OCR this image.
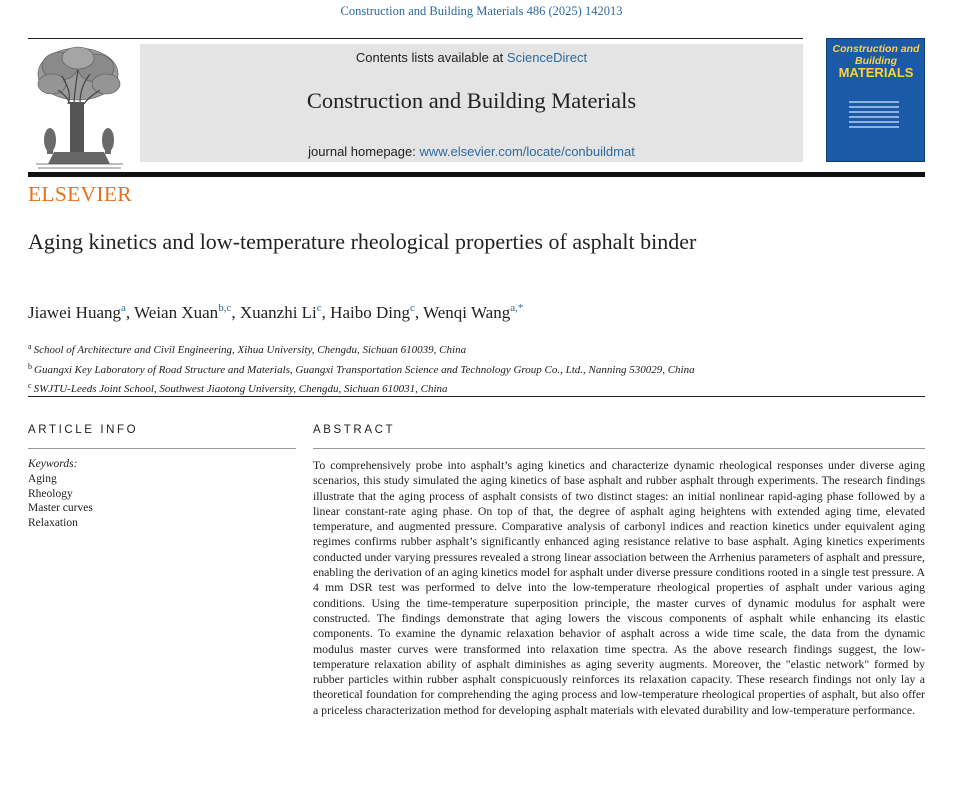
Construction and Building Materials 486 (2025) 142013
ELSEVIER
Contents lists available at ScienceDirect
Construction and Building Materials
journal homepage: www.elsevier.com/locate/conbuildmat
Construction and Building
MATERIALS
Aging kinetics and low-temperature rheological properties of asphalt binder
Jiawei Huang$^a$, Weian Xuan$^{b,c}$, Xuanzhi Li$^c$, Haibo Ding$^c$, Wenqi Wang$^{a,*}$
$^a$ School of Architecture and Civil Engineering, Xihua University, Chengdu, Sichuan 610039, China
$^b$ Guangxi Key Laboratory of Road Structure and Materials, Guangxi Transportation Science and Technology Group Co., Ltd., Nanning 530029, China
$^c$ SWJTU-Leeds Joint School, Southwest Jiaotong University, Chengdu, Sichuan 610031, China
ARTICLE INFO	ABSTRACT
Keywords:
Aging
Rheology
Master curves
Relaxation
To comprehensively probe into asphalt’s aging kinetics and characterize dynamic rheological responses under diverse aging scenarios, this study simulated the aging kinetics of base asphalt and rubber asphalt through experiments. The research findings illustrate that the aging process of asphalt consists of two distinct stages: an initial nonlinear rapid-aging phase followed by a linear constant-rate aging phase. On top of that, the degree of asphalt aging heightens with extended aging time, elevated temperature, and augmented pressure. Comparative analysis of carbonyl indices and reaction kinetics under equivalent aging regimes confirms rubber asphalt’s significantly enhanced aging resistance relative to base asphalt. Aging kinetics experiments conducted under varying pressures revealed a strong linear association between the Arrhenius parameters of asphalt and pressure, enabling the derivation of an aging kinetics model for asphalt under diverse pressure conditions rooted in a single test pressure. A 4 mm DSR test was performed to delve into the low-temperature rheological properties of asphalt under various aging conditions. Using the time-temperature superposition principle, the master curves of dynamic modulus for asphalt were constructed. The findings demonstrate that aging lowers the viscous components of asphalt while enhancing its elastic components. To examine the dynamic relaxation behavior of asphalt across a wide time scale, the data from the dynamic modulus master curves were transformed into relaxation time spectra. As the above research findings suggest, the low-temperature relaxation ability of asphalt diminishes as aging severity augments. Moreover, the "elastic network" formed by rubber particles within rubber asphalt conspicuously reinforces its relaxation capacity. These research findings not only lay a theoretical foundation for comprehending the aging process and low-temperature rheological properties of asphalt, but also offer a priceless characterization method for developing asphalt materials with elevated durability and low-temperature performance.
